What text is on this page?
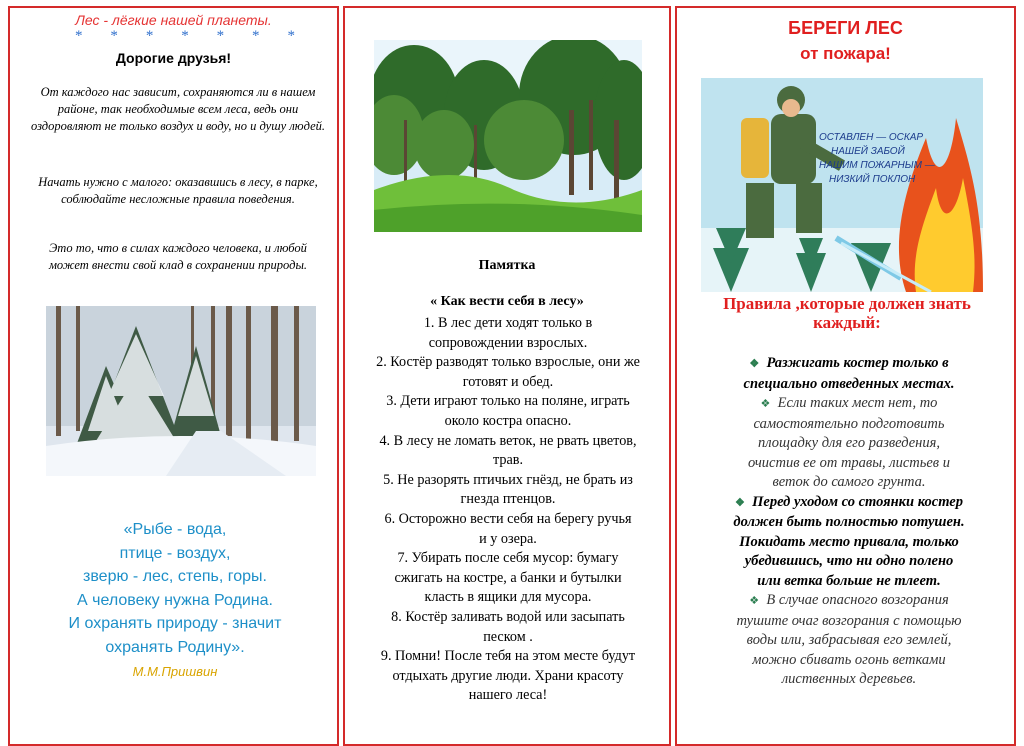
Лес - лёгкие нашей планеты.
* * * * * * *
Дорогие друзья!
От каждого нас зависит, сохраняются ли в нашем районе, так необходимые всем леса, ведь они оздоровляют не только воздух и воду, но и душу людей.
Начать нужно с малого: оказавшись в лесу, в парке, соблюдайте несложные правила поведения.
Это то, что в силах каждого человека, и любой может внести свой клад в сохранении природы.
«Рыбе - вода,
птице - воздух,
зверю - лес, степь, горы.
А человеку нужна Родина.
И охранять природу - значит
охранять Родину».
М.М.Пришвин
Памятка
« Как вести себя в лесу»
1. В лес дети ходят только в
сопровождении взрослых.
2. Костёр разводят только взрослые, они же
готовят и обед.
3. Дети играют только на поляне, играть
около костра опасно.
4. В лесу не ломать веток, не рвать цветов,
трав.
5. Не разорять птичьих гнёзд, не брать из
гнезда птенцов.
6. Осторожно вести себя на берегу ручья
и у озера.
7. Убирать после себя мусор: бумагу
сжигать на костре, а банки и бутылки
класть в ящики для мусора.
8. Костёр заливать водой или засыпать
песком .
9. Помни! После тебя на этом месте будут
отдыхать другие люди. Храни красоту
нашего леса!
БЕРЕГИ ЛЕС
от пожара!
ОСТАВЛЕН — ОСКАР
НАШЕЙ ЗАБОЙ
НАШИМ ПОЖАРНЫМ —
НИЗКИЙ ПОКЛОН
Правила ,которые должен знать
каждый:
❖ Разжигать костер только в
специально отведенных местах.
❖ Если таких мест нет, то
самостоятельно подготовить
площадку для его разведения,
очистив ее от травы, листьев и
веток до самого грунта.
❖ Перед уходом со стоянки костер
должен быть полностью потушен.
Покидать место привала, только
убедившись, что ни одно полено
или ветка больше не тлеет.
❖ В случае опасного возгорания
тушите очаг возгорания с помощью
воды или, забрасывая его землей,
можно сбивать огонь ветками
лиственных деревьев.
